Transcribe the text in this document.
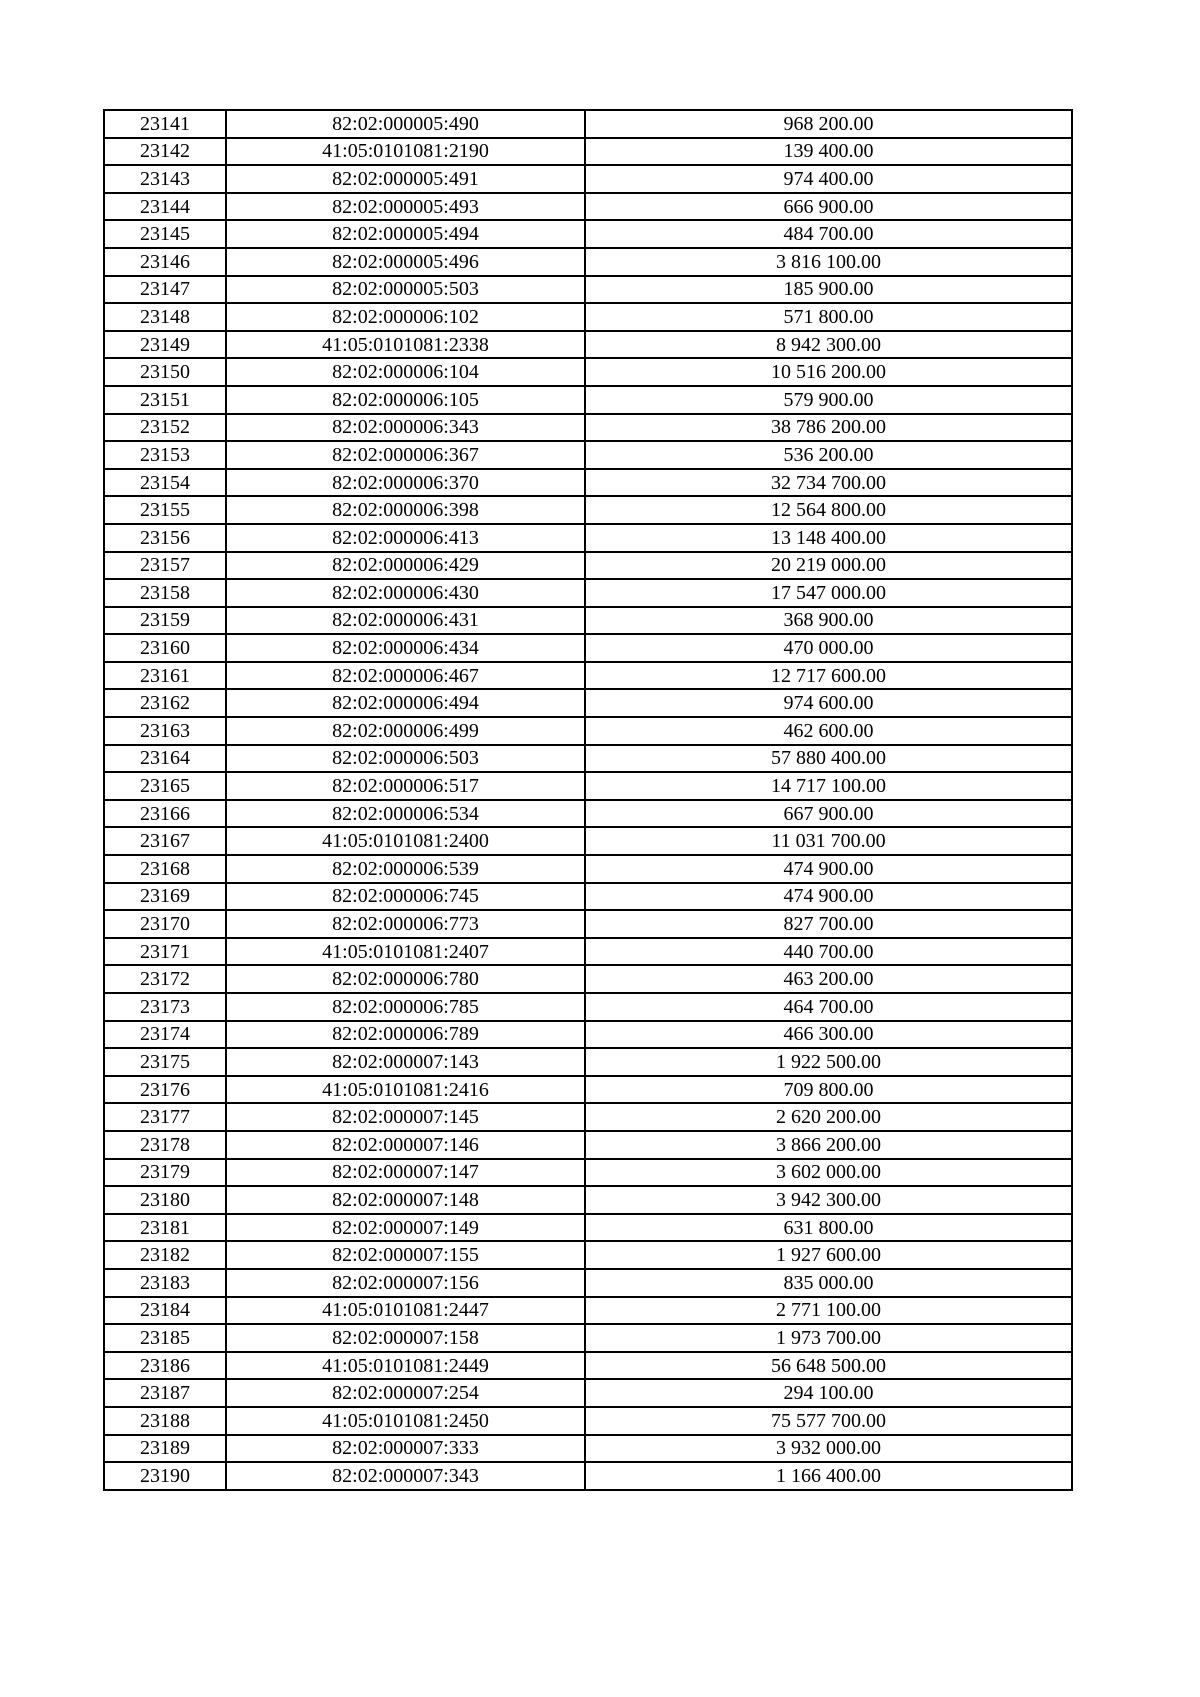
23141	82:02:000005:490	968 200.00
23142	41:05:0101081:2190	139 400.00
23143	82:02:000005:491	974 400.00
23144	82:02:000005:493	666 900.00
23145	82:02:000005:494	484 700.00
23146	82:02:000005:496	3 816 100.00
23147	82:02:000005:503	185 900.00
23148	82:02:000006:102	571 800.00
23149	41:05:0101081:2338	8 942 300.00
23150	82:02:000006:104	10 516 200.00
23151	82:02:000006:105	579 900.00
23152	82:02:000006:343	38 786 200.00
23153	82:02:000006:367	536 200.00
23154	82:02:000006:370	32 734 700.00
23155	82:02:000006:398	12 564 800.00
23156	82:02:000006:413	13 148 400.00
23157	82:02:000006:429	20 219 000.00
23158	82:02:000006:430	17 547 000.00
23159	82:02:000006:431	368 900.00
23160	82:02:000006:434	470 000.00
23161	82:02:000006:467	12 717 600.00
23162	82:02:000006:494	974 600.00
23163	82:02:000006:499	462 600.00
23164	82:02:000006:503	57 880 400.00
23165	82:02:000006:517	14 717 100.00
23166	82:02:000006:534	667 900.00
23167	41:05:0101081:2400	11 031 700.00
23168	82:02:000006:539	474 900.00
23169	82:02:000006:745	474 900.00
23170	82:02:000006:773	827 700.00
23171	41:05:0101081:2407	440 700.00
23172	82:02:000006:780	463 200.00
23173	82:02:000006:785	464 700.00
23174	82:02:000006:789	466 300.00
23175	82:02:000007:143	1 922 500.00
23176	41:05:0101081:2416	709 800.00
23177	82:02:000007:145	2 620 200.00
23178	82:02:000007:146	3 866 200.00
23179	82:02:000007:147	3 602 000.00
23180	82:02:000007:148	3 942 300.00
23181	82:02:000007:149	631 800.00
23182	82:02:000007:155	1 927 600.00
23183	82:02:000007:156	835 000.00
23184	41:05:0101081:2447	2 771 100.00
23185	82:02:000007:158	1 973 700.00
23186	41:05:0101081:2449	56 648 500.00
23187	82:02:000007:254	294 100.00
23188	41:05:0101081:2450	75 577 700.00
23189	82:02:000007:333	3 932 000.00
23190	82:02:000007:343	1 166 400.00
